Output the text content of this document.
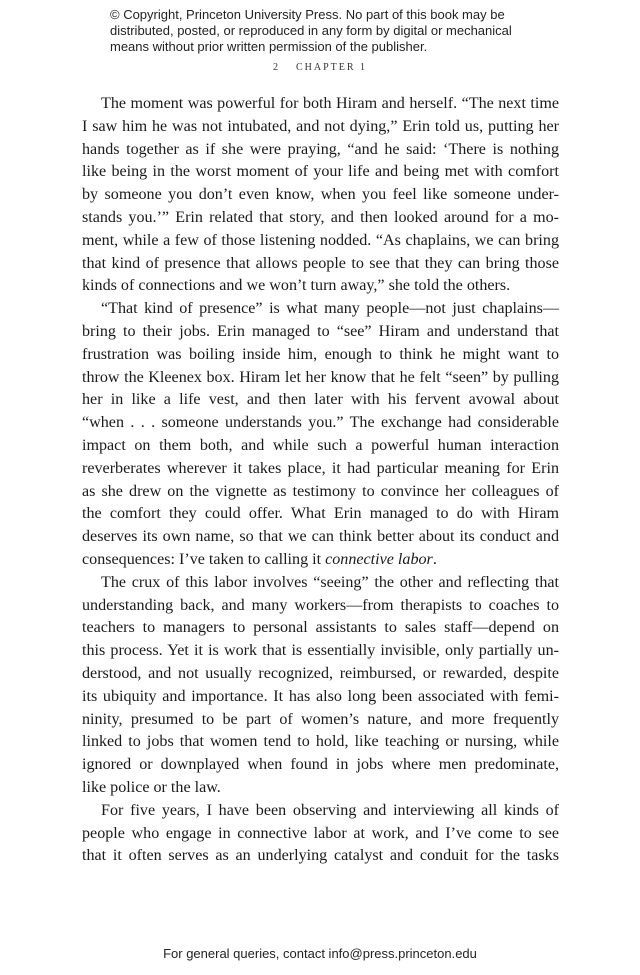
© Copyright, Princeton University Press. No part of this book may be
distributed, posted, or reproduced in any form by digital or mechanical
means without prior written permission of the publisher.
2 CHAPTER 1
The moment was powerful for both Hiram and herself. “The next time
I saw him he was not intubated, and not dying,” Erin told us, putting her
hands together as if she were praying, “and he said: ‘There is nothing
like being in the worst moment of your life and being met with comfort
by someone you don’t even know, when you feel like someone under-
stands you.’” Erin related that story, and then looked around for a mo-
ment, while a few of those listening nodded. “As chaplains, we can bring
that kind of presence that allows people to see that they can bring those
kinds of connections and we won’t turn away,” she told the others.
“That kind of presence” is what many people—not just chaplains—
bring to their jobs. Erin managed to “see” Hiram and understand that
frustration was boiling inside him, enough to think he might want to
throw the Kleenex box. Hiram let her know that he felt “seen” by pulling
her in like a life vest, and then later with his fervent avowal about
“when . . . someone understands you.” The exchange had considerable
impact on them both, and while such a powerful human interaction
reverberates wherever it takes place, it had particular meaning for Erin
as she drew on the vignette as testimony to convince her colleagues of
the comfort they could offer. What Erin managed to do with Hiram
deserves its own name, so that we can think better about its conduct and
consequences: I’ve taken to calling it connective labor.
The crux of this labor involves “seeing” the other and reflecting that
understanding back, and many workers—from therapists to coaches to
teachers to managers to personal assistants to sales staff—depend on
this process. Yet it is work that is essentially invisible, only partially un-
derstood, and not usually recognized, reimbursed, or rewarded, despite
its ubiquity and importance. It has also long been associated with femi-
ninity, presumed to be part of women’s nature, and more frequently
linked to jobs that women tend to hold, like teaching or nursing, while
ignored or downplayed when found in jobs where men predominate,
like police or the law.
For five years, I have been observing and interviewing all kinds of
people who engage in connective labor at work, and I’ve come to see
that it often serves as an underlying catalyst and conduit for the tasks
For general queries, contact info@press.princeton.edu
